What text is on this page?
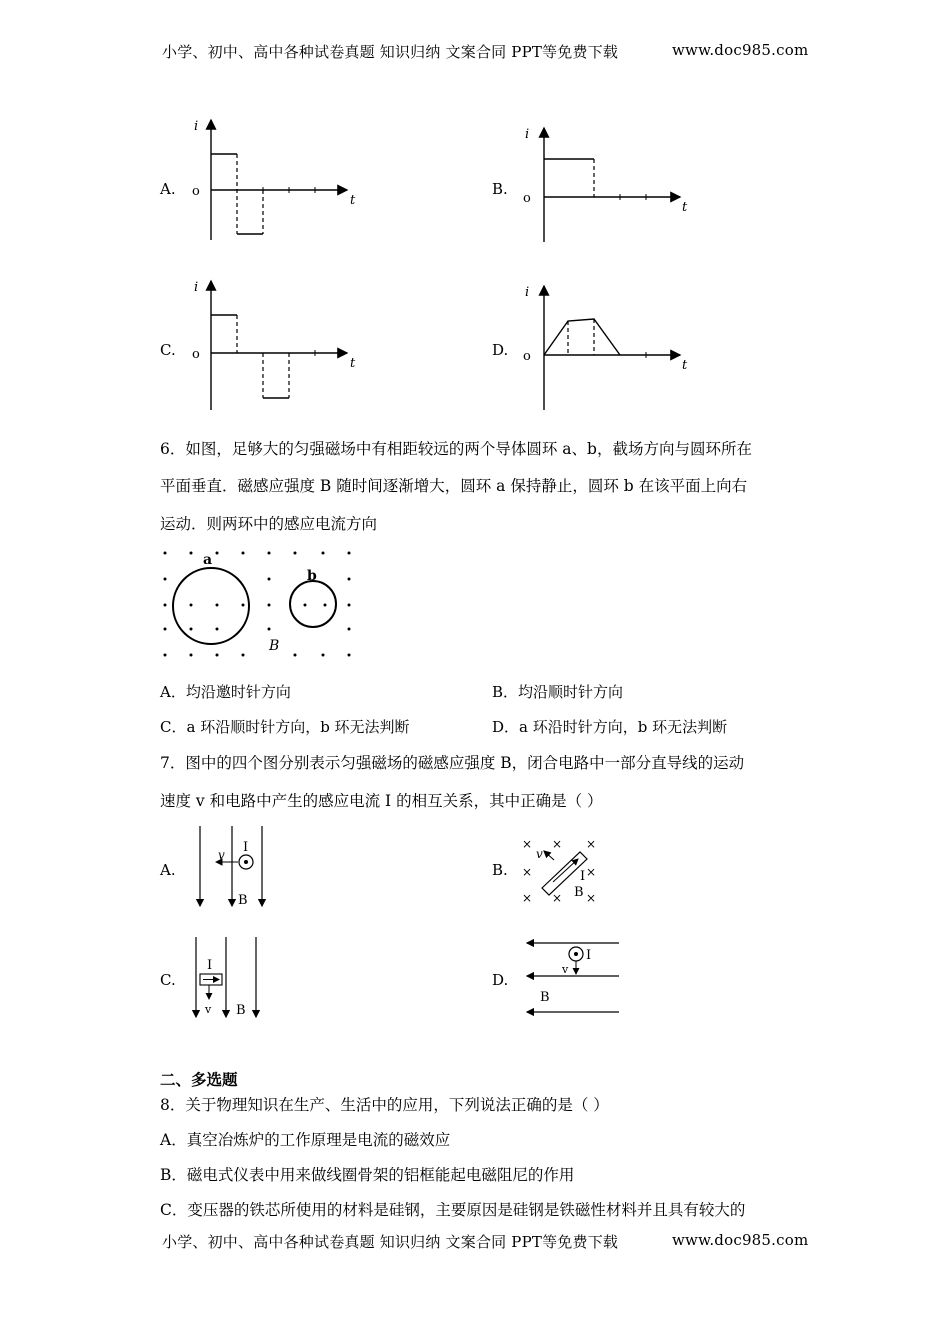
小学、初中、高中各种试卷真题 知识归纳 文案合同 PPT等免费下载	www.doc985.com
A.
i
o
t
B.
i
o
t
C.
i
o
t
D.
i
o
t
6．如图，足够大的匀强磁场中有相距较远的两个导体圆环 a、b，截场方向与圆环所在
平面垂直．磁感应强度 B 随时间逐渐增大，圆环 a 保持静止，圆环 b 在该平面上向右
运动．则两环中的感应电流方向
a
b
B
A．均沿邀时针方向	B．均沿顺时针方向
C．a 环沿顺时针方向，b 环无法判断	D．a 环沿时针方向，b 环无法判断
7．图中的四个图分别表示匀强磁场的磁感应强度 B，闭合电路中一部分直导线的运动
速度 v 和电路中产生的感应电流 I 的相互关系，其中正确是（ ）
A.
I
v
B
B.
× × ×
×	×
× × ×
v
I
B
C.
I
v B
D.
I
v
B
二、多选题
8．关于物理知识在生产、生活中的应用，下列说法正确的是（ ）
A．真空冶炼炉的工作原理是电流的磁效应
B．磁电式仪表中用来做线圈骨架的铝框能起电磁阻尼的作用
C．变压器的铁芯所使用的材料是硅钢，主要原因是硅钢是铁磁性材料并且具有较大的
小学、初中、高中各种试卷真题 知识归纳 文案合同 PPT等免费下载	www.doc985.com
